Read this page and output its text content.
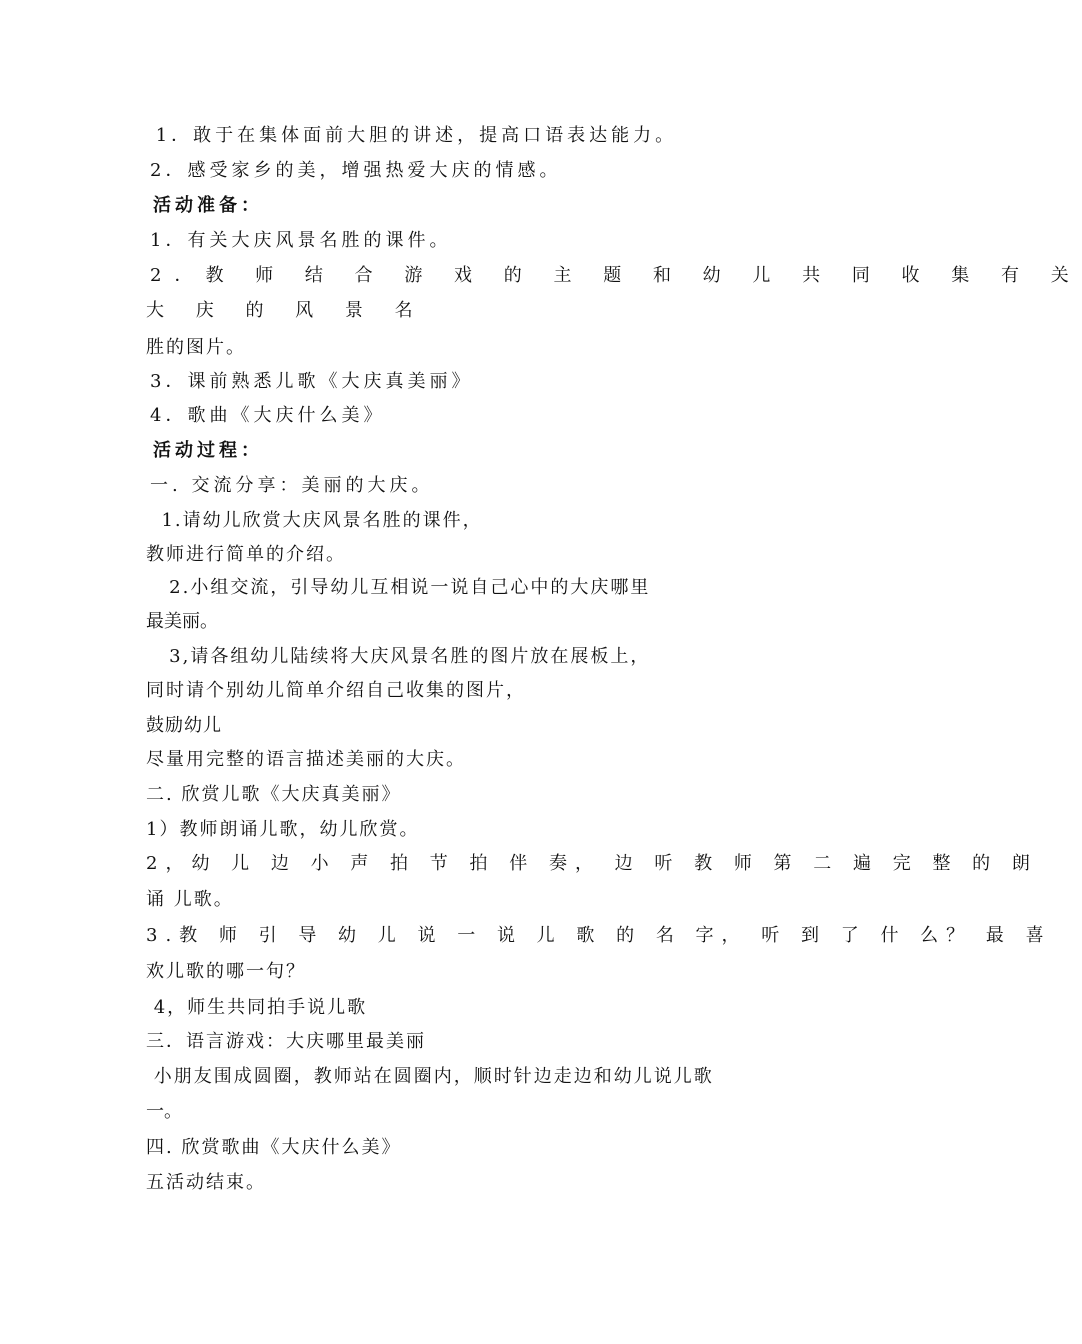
1．敢于在集体面前大胆的讲述，提高口语表达能力。
2．感受家乡的美，增强热爱大庆的情感。
活动准备：
1．有关大庆风景名胜的课件。
2．教 师 结 合 游 戏 的 主 题 和 幼 儿 共 同 收 集 有 关
大 庆 的 风 景 名
胜的图片。
3．课前熟悉儿歌《大庆真美丽》
4．歌曲《大庆什么美》
活动过程：
一. 交流分享：美丽的大庆。
1.请幼儿欣赏大庆风景名胜的课件，
教师进行简单的介绍。
2.小组交流，引导幼儿互相说一说自己心中的大庆哪里
最美丽。
3,请各组幼儿陆续将大庆风景名胜的图片放在展板上，
同时请个别幼儿简单介绍自己收集的图片，
鼓励幼儿
尽量用完整的语言描述美丽的大庆。
二. 欣赏儿歌《大庆真美丽》
1）教师朗诵儿歌，幼儿欣赏。
2，幼 儿 边 小 声 拍 节 拍 伴 奏， 边 听 教 师 第 二 遍 完 整 的 朗
诵 儿歌。
3.教 师 引 导 幼 儿 说 一 说 儿 歌 的 名 字， 听 到 了 什 么？ 最 喜
欢儿歌的哪一句？
4，师生共同拍手说儿歌
三．语言游戏：大庆哪里最美丽
小朋友围成圆圈，教师站在圆圈内，顺时针边走边和幼儿说儿歌
一。
四. 欣赏歌曲《大庆什么美》
五活动结束。
